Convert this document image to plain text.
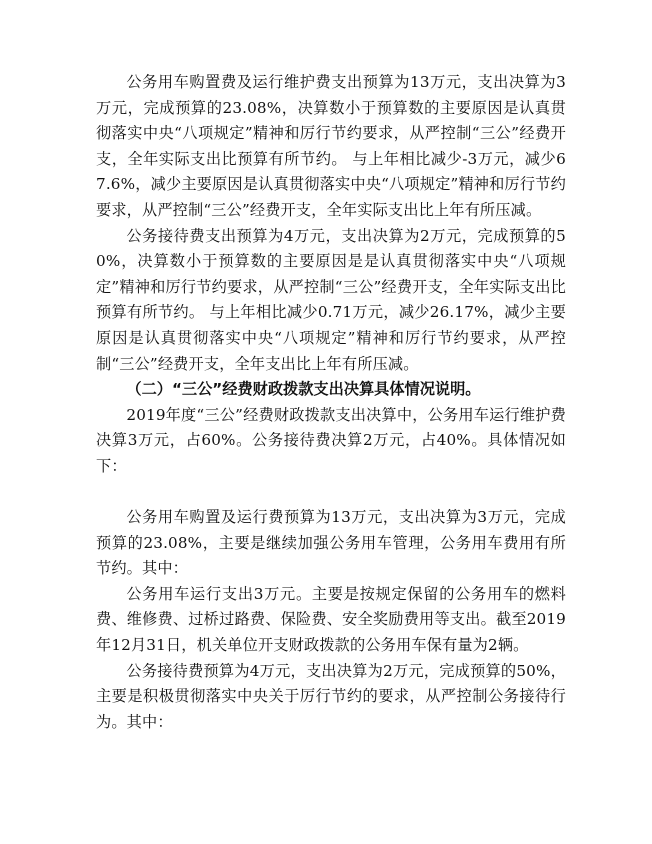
公务用车购置费及运行维护费支出预算为13万元，支出决算为3万元，完成预算的23.08%，决算数小于预算数的主要原因是认真贯彻落实中央“八项规定”精神和厉行节约要求，从严控制“三公”经费开支，全年实际支出比预算有所节约。 与上年相比减少-3万元，减少67.6%，减少主要原因是认真贯彻落实中央“八项规定”精神和厉行节约要求，从严控制“三公”经费开支，全年实际支出比上年有所压减。

公务接待费支出预算为4万元，支出决算为2万元，完成预算的50%，决算数小于预算数的主要原因是是认真贯彻落实中央“八项规定”精神和厉行节约要求，从严控制“三公”经费开支，全年实际支出比预算有所节约。 与上年相比减少0.71万元，减少26.17%，减少主要原因是认真贯彻落实中央“八项规定”精神和厉行节约要求，从严控制“三公”经费开支，全年支出比上年有所压减。

（二）“三公”经费财政拨款支出决算具体情况说明。

2019年度“三公”经费财政拨款支出决算中，公务用车运行维护费决算3万元，占60%。公务接待费决算2万元，占40%。具体情况如下：

公务用车购置及运行费预算为13万元，支出决算为3万元，完成预算的23.08%，主要是继续加强公务用车管理，公务用车费用有所节约。其中：

公务用车运行支出3万元。主要是按规定保留的公务用车的燃料费、维修费、过桥过路费、保险费、安全奖励费用等支出。截至2019年12月31日，机关单位开支财政拨款的公务用车保有量为2辆。

公务接待费预算为4万元，支出决算为2万元，完成预算的50%，主要是积极贯彻落实中央关于厉行节约的要求，从严控制公务接待行为。其中：
